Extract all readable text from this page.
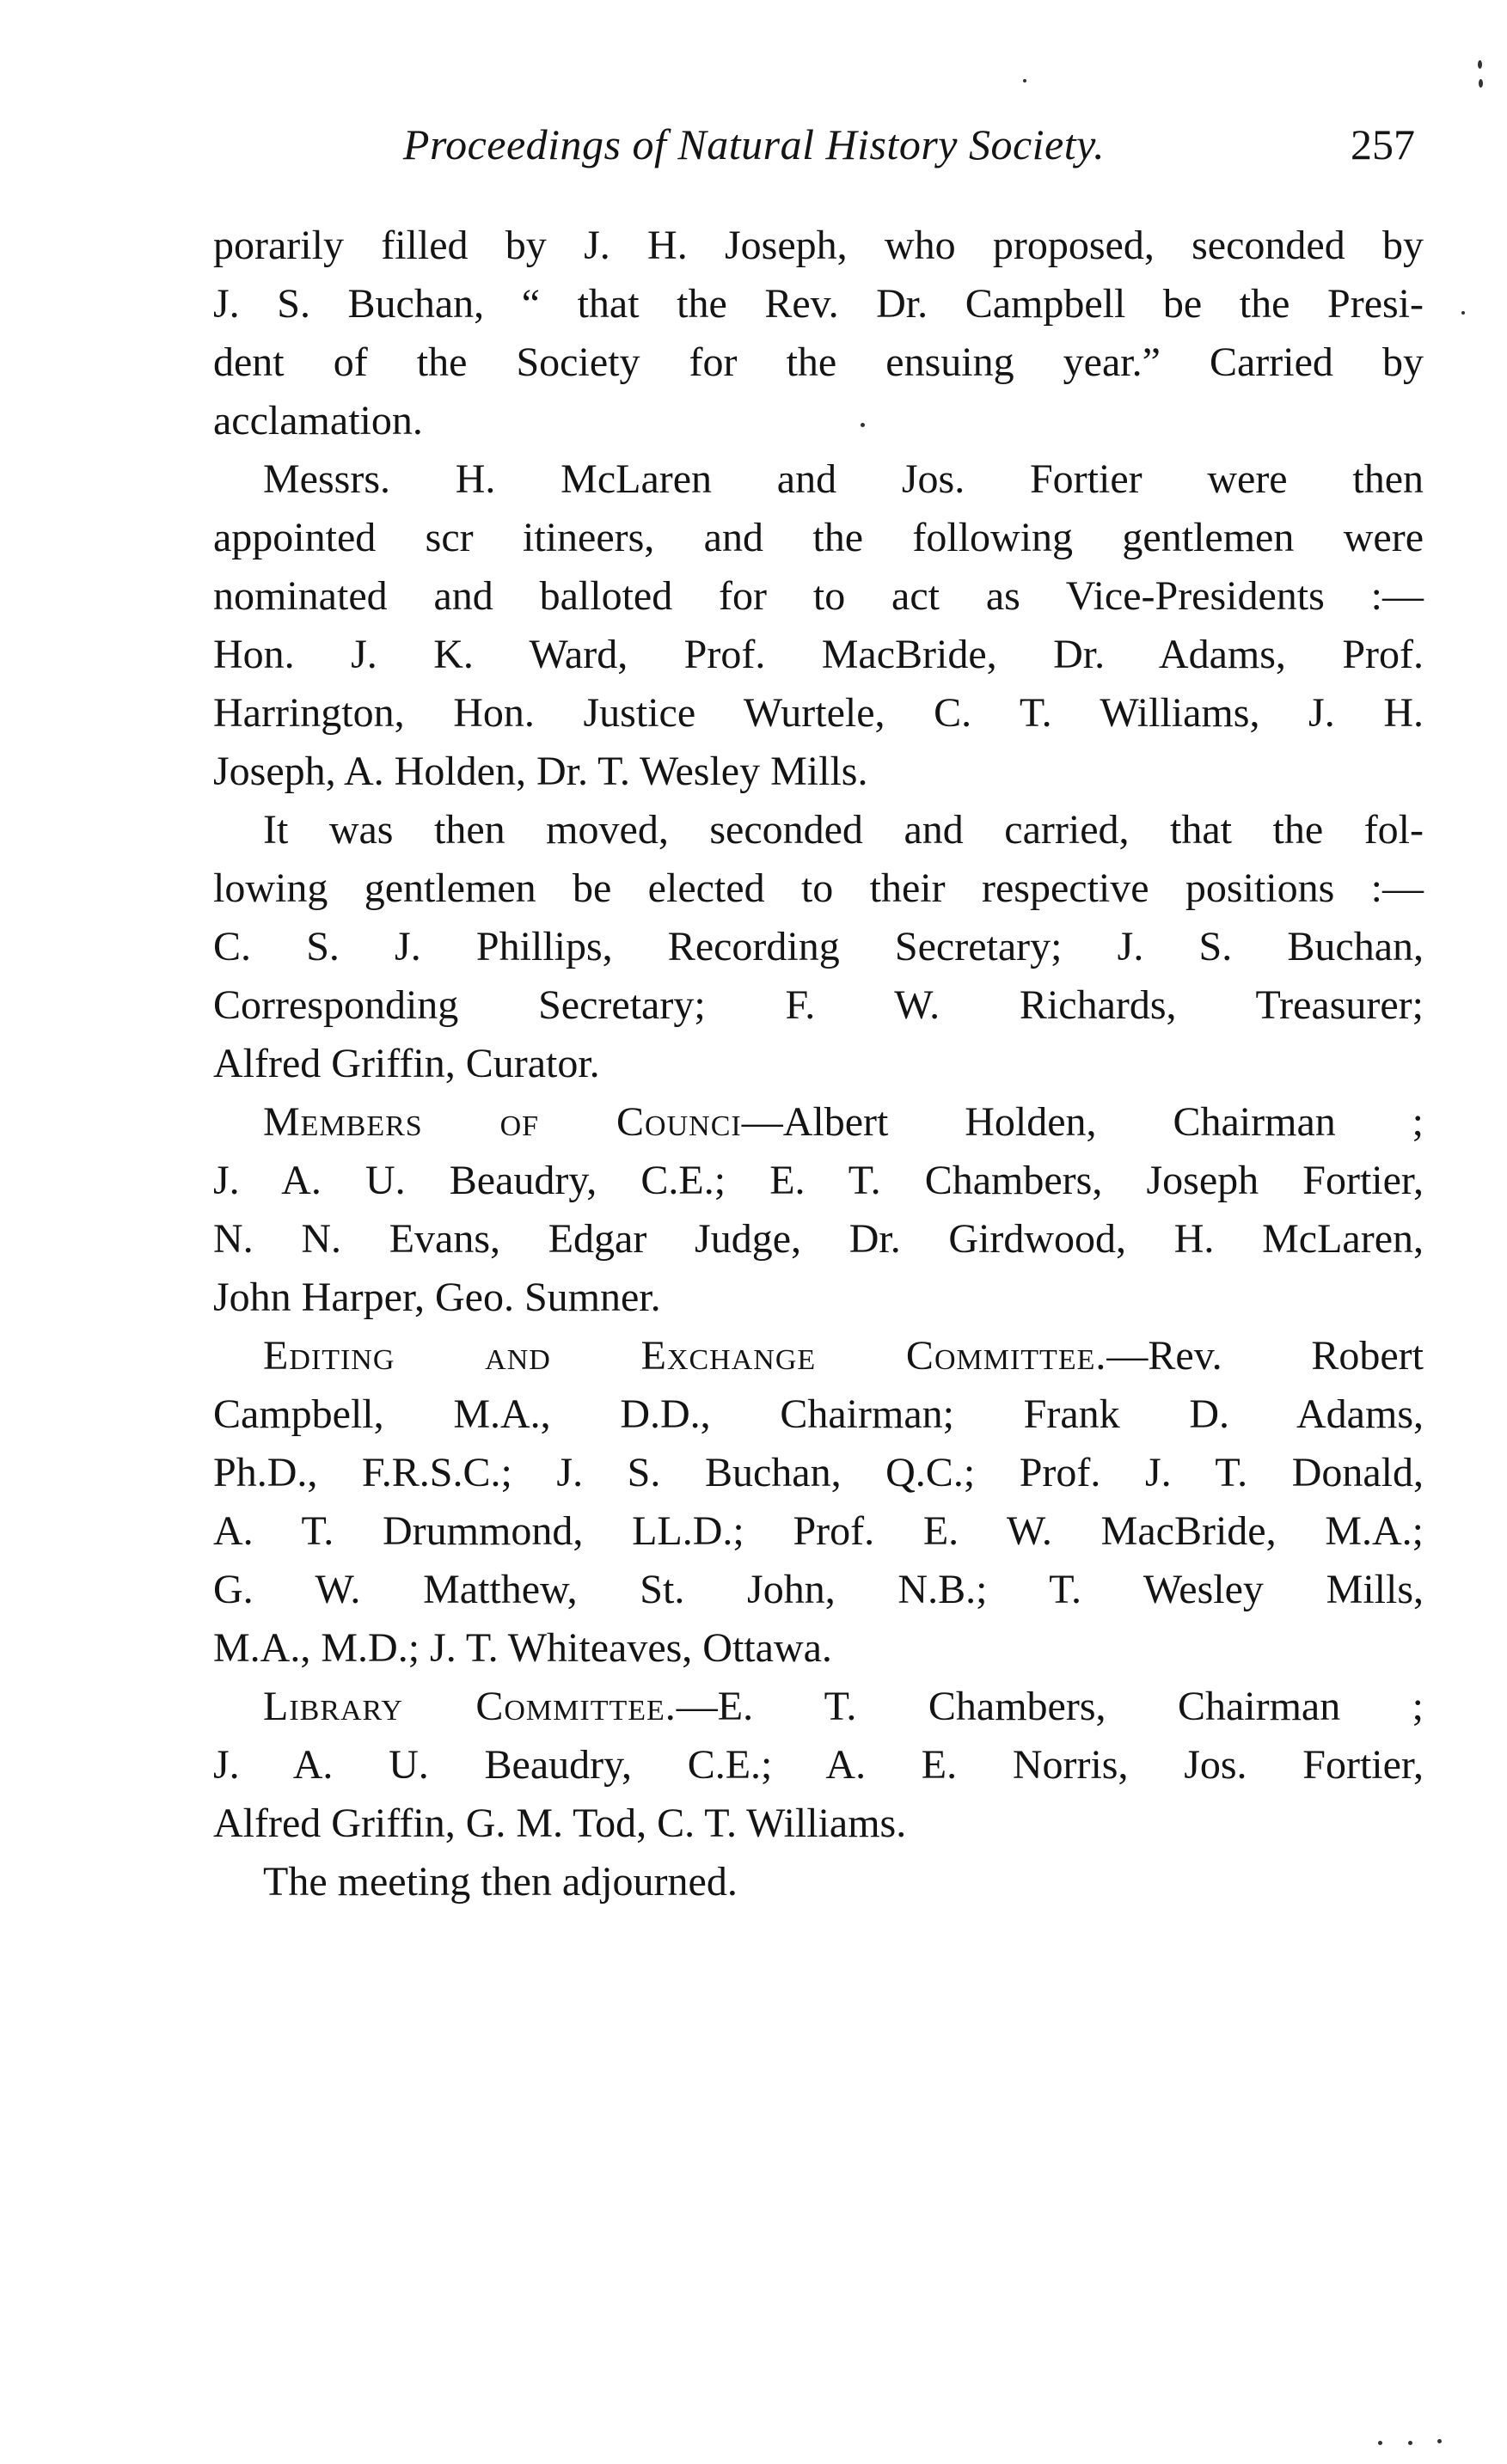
Proceedings of Natural History Society.	257
porarily filled by J. H. Joseph, who proposed, seconded by
J. S. Buchan, “ that the Rev. Dr. Campbell be the Presi-
dent of the Society for the ensuing year.” Carried by
acclamation.
Messrs. H. McLaren and Jos. Fortier were then
appointed scr itineers, and the following gentlemen were
nominated and balloted for to act as Vice-Presidents :—
Hon. J. K. Ward, Prof. MacBride, Dr. Adams, Prof.
Harrington, Hon. Justice Wurtele, C. T. Williams, J. H.
Joseph, A. Holden, Dr. T. Wesley Mills.
It was then moved, seconded and carried, that the fol-
lowing gentlemen be elected to their respective positions :—
C. S. J. Phillips, Recording Secretary; J. S. Buchan,
Corresponding Secretary; F. W. Richards, Treasurer;
Alfred Griffin, Curator.
Members of Councı—Albert Holden, Chairman ;
J. A. U. Beaudry, C.E.; E. T. Chambers, Joseph Fortier,
N. N. Evans, Edgar Judge, Dr. Girdwood, H. McLaren,
John Harper, Geo. Sumner.
Editing and Exchange Committee.—Rev. Robert
Campbell, M.A., D.D., Chairman; Frank D. Adams,
Ph.D., F.R.S.C.; J. S. Buchan, Q.C.; Prof. J. T. Donald,
A. T. Drummond, LL.D.; Prof. E. W. MacBride, M.A.;
G. W. Matthew, St. John, N.B.; T. Wesley Mills,
M.A., M.D.; J. T. Whiteaves, Ottawa.
Library Committee.—E. T. Chambers, Chairman ;
J. A. U. Beaudry, C.E.; A. E. Norris, Jos. Fortier,
Alfred Griffin, G. M. Tod, C. T. Williams.
The meeting then adjourned.
